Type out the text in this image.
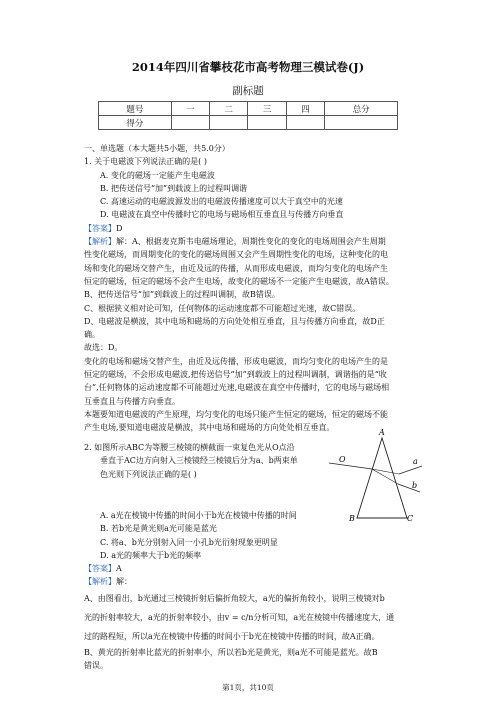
2014年四川省攀枝花市高考物理三模试卷(J)
副标题
题号	一	二	三	四	总分
得分					
一、单选题（本大题共5小题，共5.0分）
1. 关于电磁波下列说法正确的是( )
A. 变化的磁场一定能产生电磁波
B. 把传送信号“加”到载波上的过程叫调谐
C. 高速运动的电磁波源发出的电磁波传播速度可以大于真空中的光速
D. 电磁波在真空中传播时它的电场与磁场相互垂直且与传播方向垂直
【答案】D
【解析】解：A、根据麦克斯韦电磁场理论，周期性变化的变化的电场周围会产生周期
性变化磁场，而周期变化的变化的磁场周围又会产生周期性变化的电场，这种变化的电
场和变化的磁场交替产生，由近及远的传播，从而形成电磁波，而均匀变化的电场产生
恒定的磁场，恒定的磁场不会产生电场，故变化的磁场不一定能产生电磁波，故A错误。
B、把传送信号“加”到载波上的过程叫调制，故B错误。
C、根据狭义相对论可知，任何物体的运动速度都不可能超过光速，故C错误。
D、电磁波是横波，其中电场和磁场的方向处处相互垂直，且与传播方向垂直，故D正
确。
故选：D。
变化的电场和磁场交替产生，由近及远传播，形成电磁波，而均匀变化的电场产生的是
恒定的磁场，不会形成电磁波,把传送信号“加”到载波上的过程叫调制，调谐指的是“收
台”,任何物体的运动速度都不可能超过光速,电磁波在真空中传播时，它的电场与磁场相
互垂直且与传播方向垂直。
本题要知道电磁波的产生原理，均匀变化的电场只能产生恒定的磁场，恒定的磁场不能
产生电场,要知道电磁波是横波，其中电场和磁场的方向处处相互垂直。
2. 如图所示ABC为等腰三棱镜的横截面一束复色光从O点沿
垂直于AC边方向射入三棱镜经三棱镜后分为a、b两束单
色光则下列说法正确的是( )
A
B	C
O	a
b
A. a光在棱镜中传播的时间小于b光在棱镜中传播的时间
B. 若b光是黄光则a光可能是蓝光
C. 将a、b光分别射入同一小孔b光衍射现象更明显
D. a光的频率大于b光的频率
【答案】A
【解析】解：
A、由图看出，b光通过三棱镜折射后偏折角较大，a光的偏折角较小，说明三棱镜对b
光的折射率较大，a光的折射率较小，由v = c/n分析可知，a光在棱镜中传播速度大，通
过的路程短，所以a光在棱镜中传播的时间小于b光在棱镜中传播的时间，故A正确。
B、黄光的折射率比蓝光的折射率小，所以若b光是黄光，则a光不可能是蓝光。故B
错误。
第1页，共10页
